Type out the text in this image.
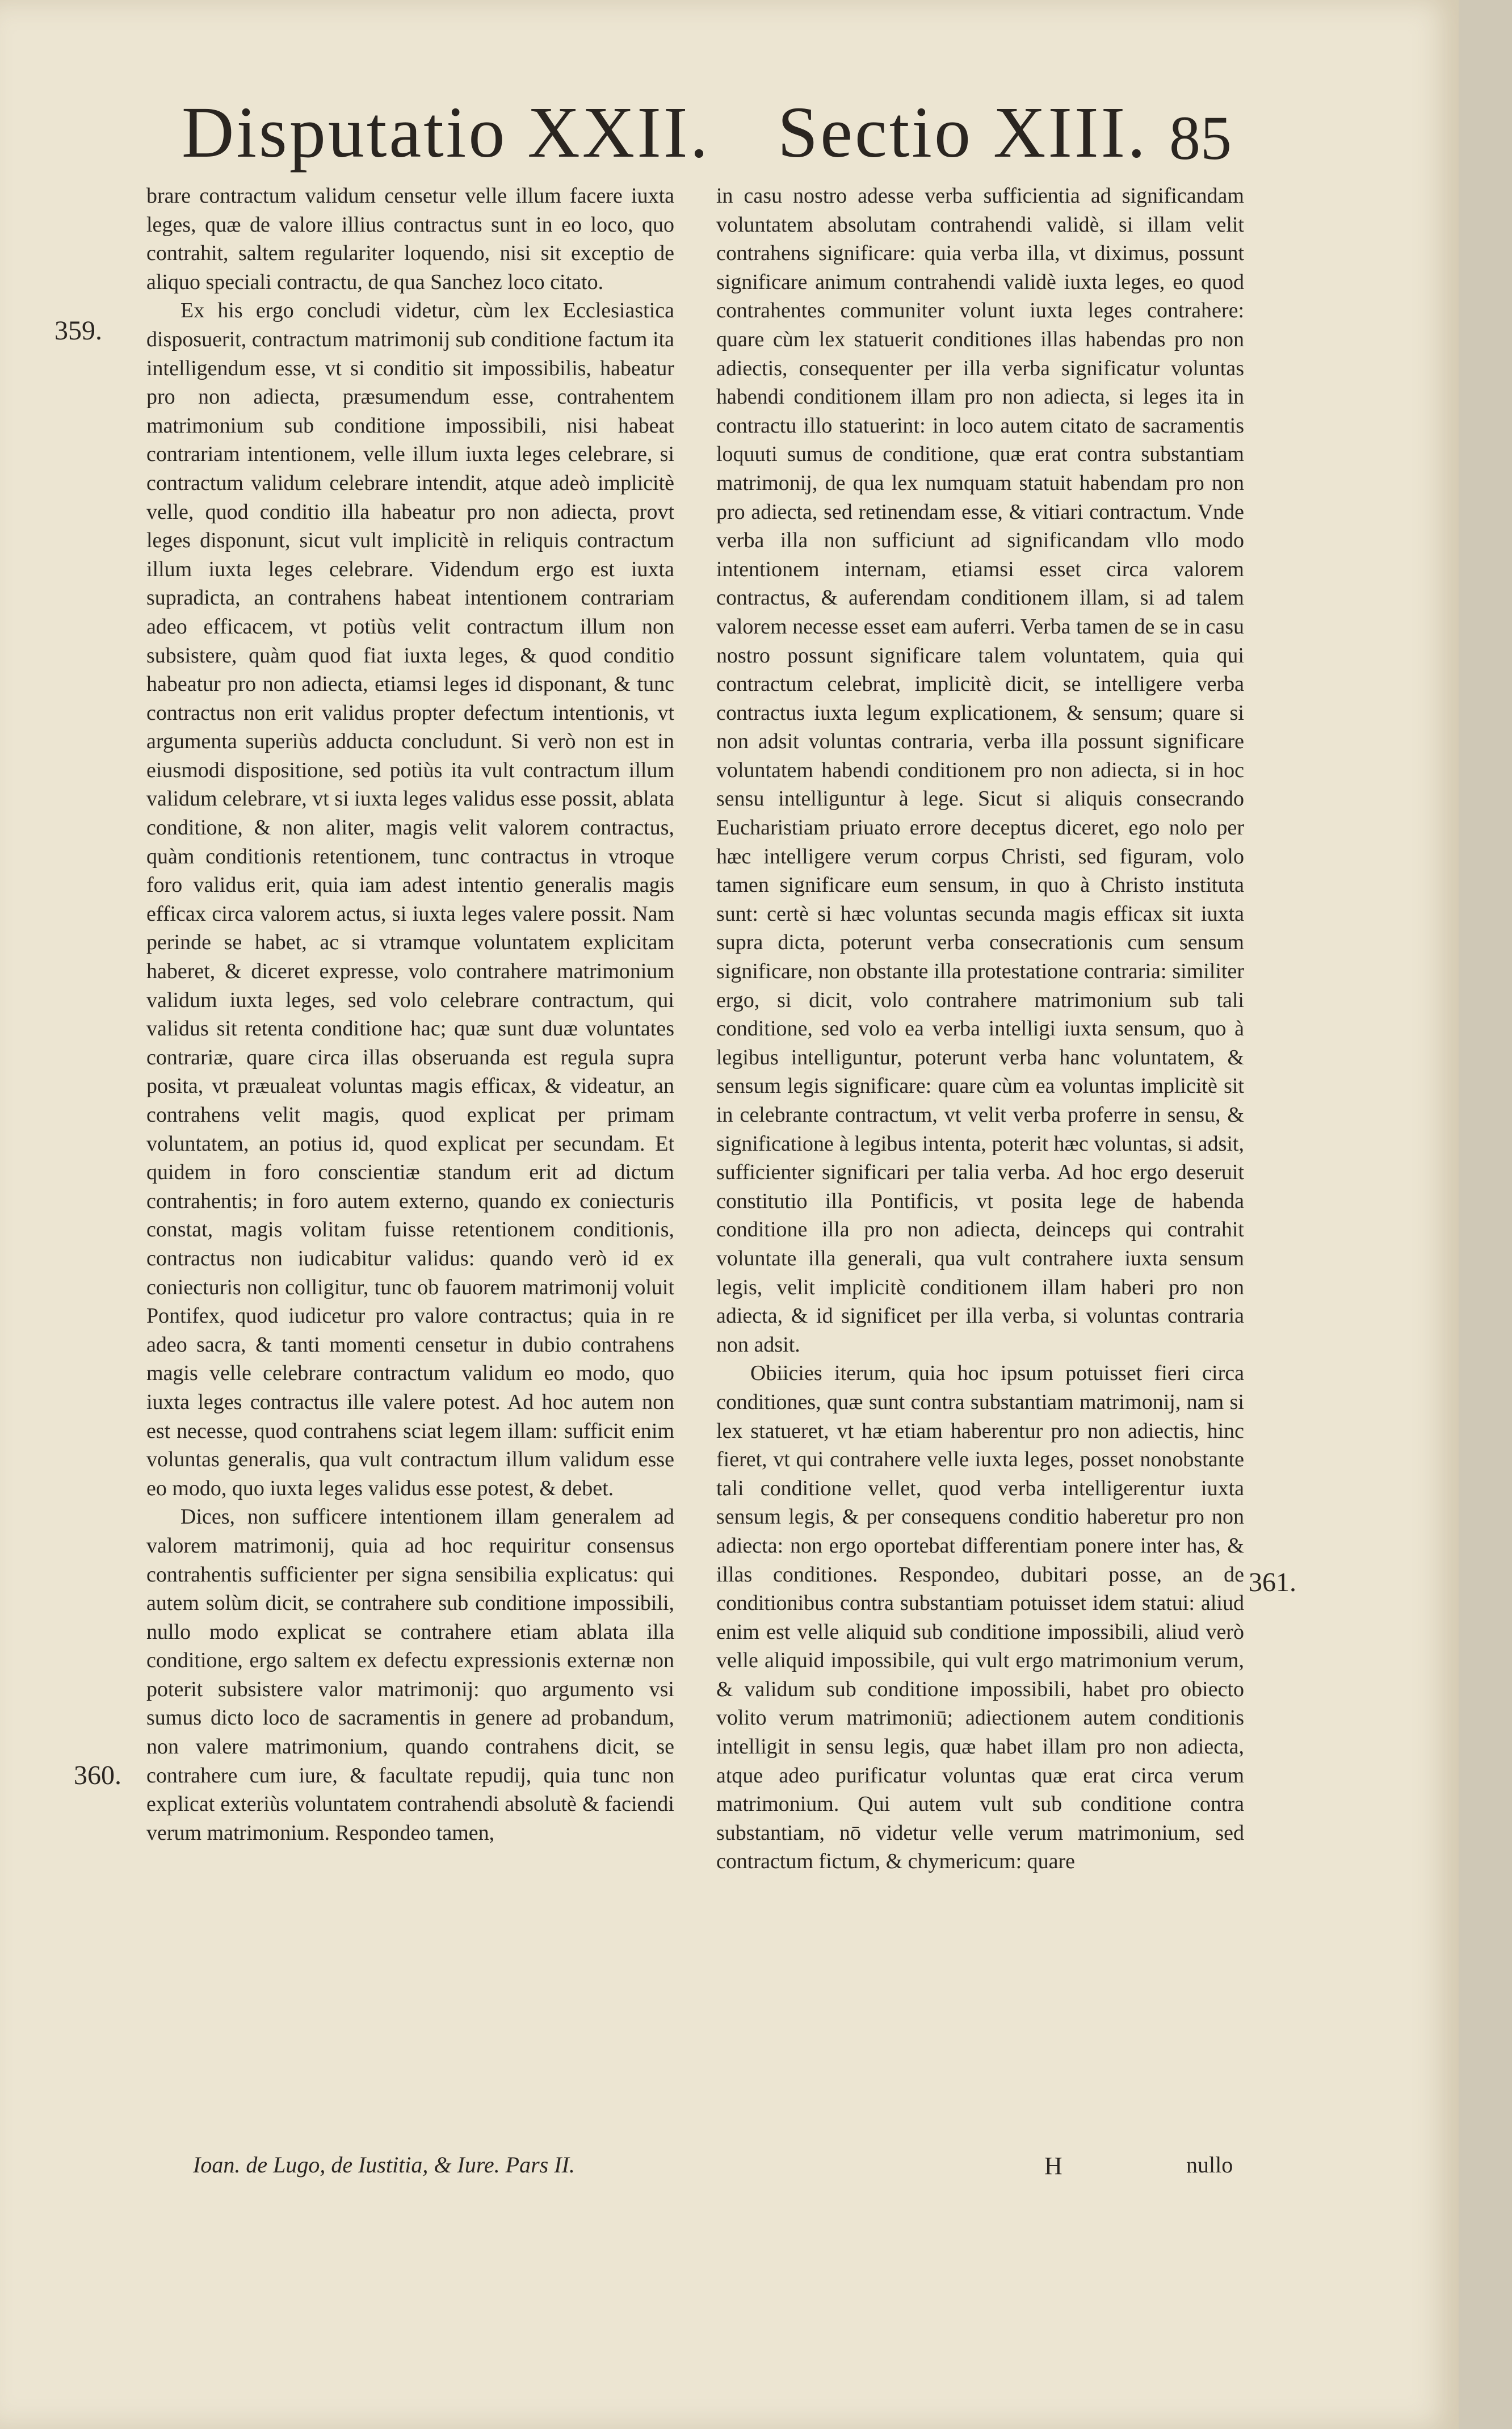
Disputatio XXII. Sectio XIII. 85
359.
360.
361.

brare contractum validum censetur velle illum facere iuxta leges, quæ de valore illius contractus sunt in eo loco, quo contrahit, saltem regulariter loquendo, nisi sit exceptio de aliquo speciali contractu, de qua Sanchez loco citato.

Ex his ergo concludi videtur, cùm lex Ecclesiastica disposuerit, contractum matrimonij sub conditione factum ita intelligendum esse, vt si conditio sit impossibilis, habeatur pro non adiecta, præsumendum esse, contrahentem matrimonium sub conditione impossibili, nisi habeat contrariam intentionem, velle illum iuxta leges celebrare, si contractum validum celebrare intendit, atque adeò implicitè velle, quod conditio illa habeatur pro non adiecta, provt leges disponunt, sicut vult implicitè in reliquis contractum illum iuxta leges celebrare. Videndum ergo est iuxta supradicta, an contrahens habeat intentionem contrariam adeo efficacem, vt potiùs velit contractum illum non subsistere, quàm quod fiat iuxta leges, & quod conditio habeatur pro non adiecta, etiamsi leges id disponant, & tunc contractus non erit validus propter defectum intentionis, vt argumenta superiùs adducta concludunt. Si verò non est in eiusmodi dispositione, sed potiùs ita vult contractum illum validum celebrare, vt si iuxta leges validus esse possit, ablata conditione, & non aliter, magis velit valorem contractus, quàm conditionis retentionem, tunc contractus in vtroque foro validus erit, quia iam adest intentio generalis magis efficax circa valorem actus, si iuxta leges valere possit. Nam perinde se habet, ac si vtramque voluntatem explicitam haberet, & diceret expresse, volo contrahere matrimonium validum iuxta leges, sed volo celebrare contractum, qui validus sit retenta conditione hac; quæ sunt duæ voluntates contrariæ, quare circa illas obseruanda est regula supra posita, vt præualeat voluntas magis efficax, & videatur, an contrahens velit magis, quod explicat per primam voluntatem, an potius id, quod explicat per secundam. Et quidem in foro conscientiæ standum erit ad dictum contrahentis; in foro autem externo, quando ex coniecturis constat, magis volitam fuisse retentionem conditionis, contractus non iudicabitur validus: quando verò id ex coniecturis non colligitur, tunc ob fauorem matrimonij voluit Pontifex, quod iudicetur pro valore contractus; quia in re adeo sacra, & tanti momenti censetur in dubio contrahens magis velle celebrare contractum validum eo modo, quo iuxta leges contractus ille valere potest. Ad hoc autem non est necesse, quod contrahens sciat legem illam: sufficit enim voluntas generalis, qua vult contractum illum validum esse eo modo, quo iuxta leges validus esse potest, & debet.

Dices, non sufficere intentionem illam generalem ad valorem matrimonij, quia ad hoc requiritur consensus contrahentis sufficienter per signa sensibilia explicatus: qui autem solùm dicit, se contrahere sub conditione impossibili, nullo modo explicat se contrahere etiam ablata illa conditione, ergo saltem ex defectu expressionis externæ non poterit subsistere valor matrimonij: quo argumento vsi sumus dicto loco de sacramentis in genere ad probandum, non valere matrimonium, quando contrahens dicit, se contrahere cum iure, & facultate repudij, quia tunc non explicat exteriùs voluntatem contrahendi absolutè & faciendi verum matrimonium. Respondeo tamen,

in casu nostro adesse verba sufficientia ad significandam voluntatem absolutam contrahendi validè, si illam velit contrahens significare: quia verba illa, vt diximus, possunt significare animum contrahendi validè iuxta leges, eo quod contrahentes communiter volunt iuxta leges contrahere: quare cùm lex statuerit conditiones illas habendas pro non adiectis, consequenter per illa verba significatur voluntas habendi conditionem illam pro non adiecta, si leges ita in contractu illo statuerint: in loco autem citato de sacramentis loquuti sumus de conditione, quæ erat contra substantiam matrimonij, de qua lex numquam statuit habendam pro non pro adiecta, sed retinendam esse, & vitiari contractum. Vnde verba illa non sufficiunt ad significandam vllo modo intentionem internam, etiamsi esset circa valorem contractus, & auferendam conditionem illam, si ad talem valorem necesse esset eam auferri. Verba tamen de se in casu nostro possunt significare talem voluntatem, quia qui contractum celebrat, implicitè dicit, se intelligere verba contractus iuxta legum explicationem, & sensum; quare si non adsit voluntas contraria, verba illa possunt significare voluntatem habendi conditionem pro non adiecta, si in hoc sensu intelliguntur à lege. Sicut si aliquis consecrando Eucharistiam priuato errore deceptus diceret, ego nolo per hæc intelligere verum corpus Christi, sed figuram, volo tamen significare eum sensum, in quo à Christo instituta sunt: certè si hæc voluntas secunda magis efficax sit iuxta supra dicta, poterunt verba consecrationis cum sensum significare, non obstante illa protestatione contraria: similiter ergo, si dicit, volo contrahere matrimonium sub tali conditione, sed volo ea verba intelligi iuxta sensum, quo à legibus intelliguntur, poterunt verba hanc voluntatem, & sensum legis significare: quare cùm ea voluntas implicitè sit in celebrante contractum, vt velit verba proferre in sensu, & significatione à legibus intenta, poterit hæc voluntas, si adsit, sufficienter significari per talia verba. Ad hoc ergo deseruit constitutio illa Pontificis, vt posita lege de habenda conditione illa pro non adiecta, deinceps qui contrahit voluntate illa generali, qua vult contrahere iuxta sensum legis, velit implicitè conditionem illam haberi pro non adiecta, & id significet per illa verba, si voluntas contraria non adsit.

Obiicies iterum, quia hoc ipsum potuisset fieri circa conditiones, quæ sunt contra substantiam matrimonij, nam si lex statueret, vt hæ etiam haberentur pro non adiectis, hinc fieret, vt qui contrahere velle iuxta leges, posset nonobstante tali conditione vellet, quod verba intelligerentur iuxta sensum legis, & per consequens conditio haberetur pro non adiecta: non ergo oportebat differentiam ponere inter has, & illas conditiones. Respondeo, dubitari posse, an de conditionibus contra substantiam potuisset idem statui: aliud enim est velle aliquid sub conditione impossibili, aliud verò velle aliquid impossibile, qui vult ergo matrimonium verum, & validum sub conditione impossibili, habet pro obiecto volito verum matrimoniū; adiectionem autem conditionis intelligit in sensu legis, quæ habet illam pro non adiecta, atque adeo purificatur voluntas quæ erat circa verum matrimonium. Qui autem vult sub conditione contra substantiam, nō videtur velle verum matrimonium, sed contractum fictum, & chymericum: quare

Ioan. de Lugo, de Iustitia, & Iure. Pars II.	H	nullo
